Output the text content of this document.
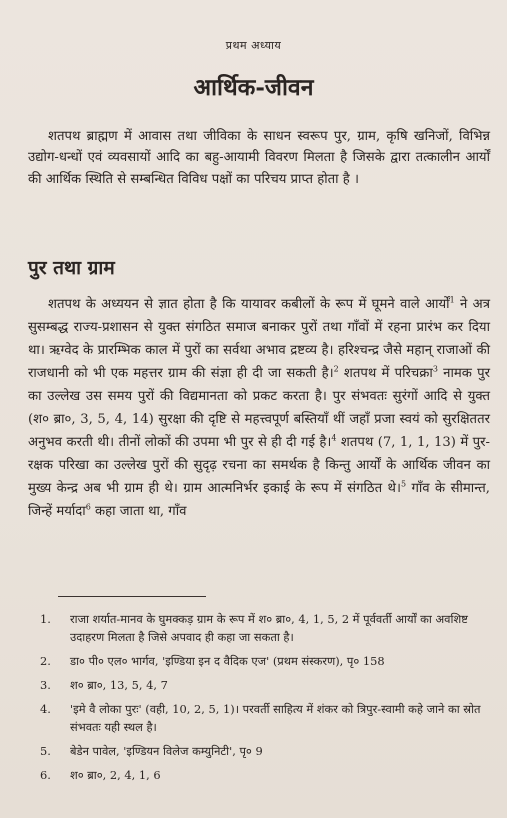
प्रथम अध्याय
आर्थिक-जीवन

शतपथ ब्राह्मण में आवास तथा जीविका के साधन स्वरूप पुर, ग्राम, कृषि खनिजों, विभिन्न उद्योग-धन्धों एवं व्यवसायों आदि का बहु-आयामी विवरण मिलता है जिसके द्वारा तत्कालीन आर्यों की आर्थिक स्थिति से सम्बन्धित विविध पक्षों का परिचय प्राप्त होता है ।

पुर तथा ग्राम

शतपथ के अध्ययन से ज्ञात होता है कि यायावर कबीलों के रूप में घूमने वाले आर्यों$^1$ ने अत्र सुसम्बद्ध राज्य-प्रशासन से युक्त संगठित समाज बनाकर पुरों तथा गाँवों में रहना प्रारंभ कर दिया था। ऋग्वेद के प्रारम्भिक काल में पुरों का सर्वथा अभाव द्रष्टव्य है। हरिश्चन्द्र जैसे महान् राजाओं की राजधानी को भी एक महत्तर ग्राम की संज्ञा ही दी जा सकती है।$^2$ शतपथ में परिचक्रा$^3$ नामक पुर का उल्लेख उस समय पुरों की विद्यमानता को प्रकट करता है। पुर संभवतः सुरंगों आदि से युक्त (श० ब्रा०, 3, 5, 4, 14) सुरक्षा की दृष्टि से महत्त्वपूर्ण बस्तियाँ थीं जहाँ प्रजा स्वयं को सुरक्षिततर अनुभव करती थी। तीनों लोकों की उपमा भी पुर से ही दी गई है।$^4$ शतपथ (7, 1, 1, 13) में पुर-रक्षक परिखा का उल्लेख पुरों की सुदृढ़ रचना का समर्थक है किन्तु आर्यों के आर्थिक जीवन का मुख्य केन्द्र अब भी ग्राम ही थे। ग्राम आत्मनिर्भर इकाई के रूप में संगठित थे।$^5$ गाँव के सीमान्त, जिन्हें मर्यादा$^6$ कहा जाता था, गाँव

1.	राजा शर्यात-मानव के घुमक्कड़ ग्राम के रूप में श० ब्रा०, 4, 1, 5, 2 में पूर्ववर्ती आर्यों का अवशिष्ट उदाहरण मिलता है जिसे अपवाद ही कहा जा सकता है।
2.	डा० पी० एल० भार्गव, 'इण्डिया इन द वैदिक एज' (प्रथम संस्करण), पृ० 158
3.	श० ब्रा०, 13, 5, 4, 7
4.	'इमे वै लोका पुरः' (वही, 10, 2, 5, 1)। परवर्ती साहित्य में शंकर को त्रिपुर-स्वामी कहे जाने का स्रोत संभवतः यही स्थल है।
5.	बेडेन पावेल, 'इण्डियन विलेज कम्युनिटी', पृ० 9
6.	श० ब्रा०, 2, 4, 1, 6
